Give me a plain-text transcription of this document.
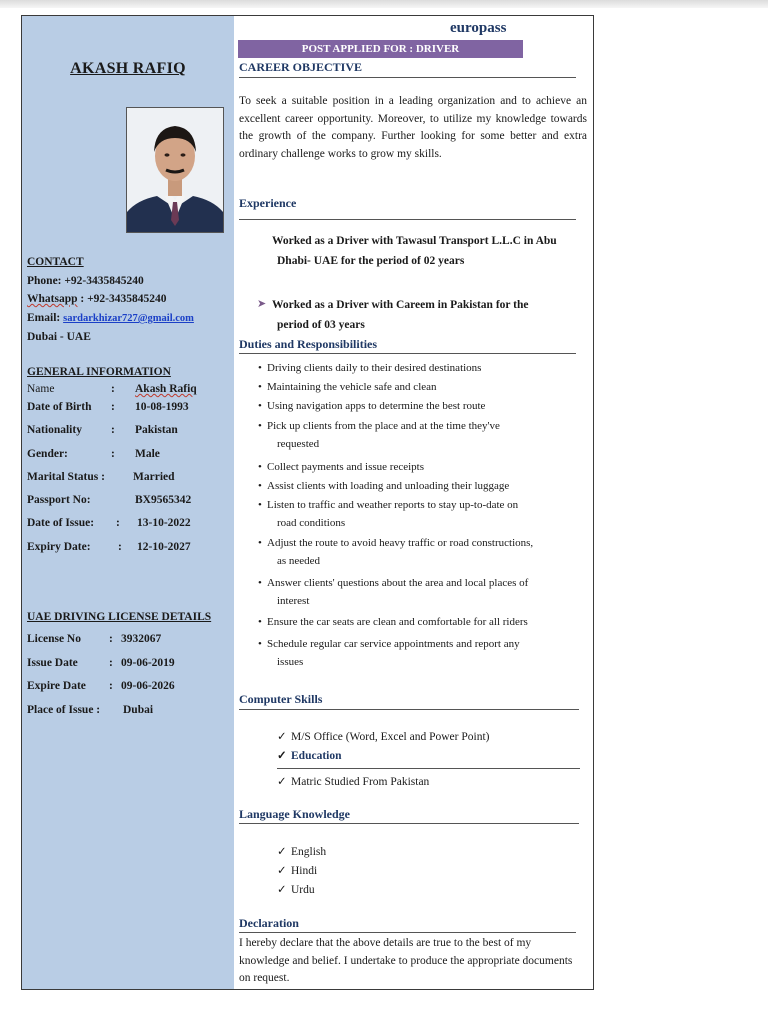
AKASH RAFIQ
CONTACT
Phone: +92-3435845240
Whatsapp : +92-3435845240
Email: sardarkhizar727@gmail.com
Dubai - UAE
GENERAL INFORMATION
Name	: Akash Rafiq
Date of Birth : 10-08-1993
Nationality	: Pakistan
Gender:	: Male
Marital Status : Married
Passport No:	BX9565342
Date of Issue: : 13-10-2022
Expiry Date: : 12-10-2027
UAE DRIVING LICENSE DETAILS
License No : 3932067
Issue Date	: 09-06-2019
Expire Date : 09-06-2026
Place of Issue : Dubai
europass
POST APPLIED FOR : DRIVER
CAREER OBJECTIVE
To seek a suitable position in a leading organization and to achieve an excellent career opportunity. Moreover, to utilize my knowledge towards the growth of the company. Further looking for some better and extra ordinary challenge works to grow my skills.
Experience
Worked as a Driver with Tawasul Transport L.L.C in Abu
Dhabi- UAE for the period of 02 years
➤ Worked as a Driver with Careem in Pakistan for the
period of 03 years
Duties and Responsibilities
• Driving clients daily to their desired destinations
• Maintaining the vehicle safe and clean
• Using navigation apps to determine the best route
• Pick up clients from the place and at the time they've
requested
• Collect payments and issue receipts
• Assist clients with loading and unloading their luggage
• Listen to traffic and weather reports to stay up-to-date on
road conditions
• Adjust the route to avoid heavy traffic or road constructions,
as needed
• Answer clients' questions about the area and local places of
interest
• Ensure the car seats are clean and comfortable for all riders
• Schedule regular car service appointments and report any
issues
Computer Skills
✓ M/S Office (Word, Excel and Power Point)
✓ Education
✓ Matric Studied From Pakistan
Language Knowledge
✓ English
✓ Hindi
✓ Urdu
Declaration
I hereby declare that the above details are true to the best of my knowledge and belief. I undertake to produce the appropriate documents on request.
